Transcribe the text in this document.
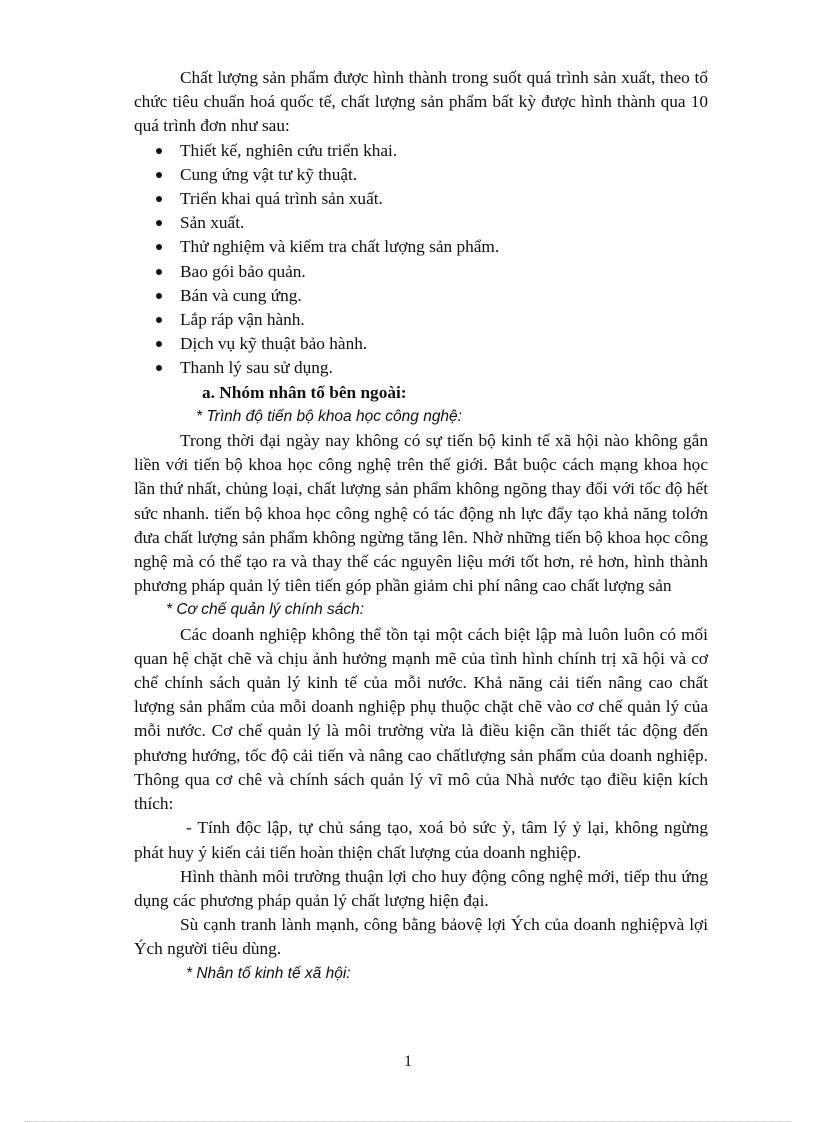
Chất lượng sản phẩm được hình thành trong suốt quá trình sản xuất, theo tổ chức tiêu chuẩn hoá quốc tế, chất lượng sản phẩm bất kỳ được hình thành qua 10 quá trình đơn như sau:

Thiết kế, nghiên cứu triển khai.
Cung ứng vật tư kỹ thuật.
Triển khai quá trình sản xuất.
Sản xuất.
Thử nghiệm và kiểm tra chất lượng sản phẩm.
Bao gói bảo quản.
Bán và cung ứng.
Lắp ráp vận hành.
Dịch vụ kỹ thuật bảo hành.
Thanh lý sau sử dụng.

a. Nhóm nhân tố bên ngoài:

* Trình độ tiến bộ khoa học công nghệ:

Trong thời đại ngày nay không có sự tiến bộ kinh tế xã hội nào không gắn liền với tiến bộ khoa học công nghệ trên thế giới. Bắt buộc cách mạng khoa học lần thứ nhất, chủng loại, chất lượng sản phẩm không ngõng thay đổi với tốc độ hết sức nhanh. tiến bộ khoa học công nghệ có tác động nh lực đẩy tạo khả năng tolớn đưa chất lượng sản phẩm không ngừng tăng lên. Nhờ những tiến bộ khoa học công nghệ mà có thể tạo ra và thay thế các nguyên liệu mới tốt hơn, rẻ hơn, hình thành phương pháp quản lý tiên tiến góp phần giảm chi phí nâng cao chất lượng sản

* Cơ chế quản lý chính sách:

Các doanh nghiệp không thể tồn tại một cách biệt lập mà luôn luôn có mối quan hệ chặt chẽ và chịu ảnh hưởng mạnh mẽ của tình hình chính trị xã hội và cơ chế chính sách quản lý kinh tế của mỗi nước. Khả năng cải tiến nâng cao chất lượng sản phẩm của mỗi doanh nghiệp phụ thuộc chặt chẽ vào cơ chế quản lý của mỗi nước. Cơ chế quản lý là môi trường vừa là điều kiện cần thiết tác động đến phương hướng, tốc độ cải tiến và nâng cao chấtlượng sản phẩm của doanh nghiệp. Thông qua cơ chê và chính sách quản lý vĩ mô của Nhà nước tạo điều kiện kích thích:

- Tính độc lập, tự chủ sáng tạo, xoá bỏ sức ỳ, tâm lý ỷ lại, không ngừng phát huy ý kiến cải tiến hoàn thiện chất lượng của doanh nghiệp.

Hình thành môi trường thuận lợi cho huy động công nghệ mới, tiếp thu ứng dụng các phương pháp quản lý chất lượng hiện đại.

Sù cạnh tranh lành mạnh, công bằng bảovệ lợi Ých của doanh nghiệpvà lợi Ých người tiêu dùng.

* Nhân tố kinh tế xã hội:

1
